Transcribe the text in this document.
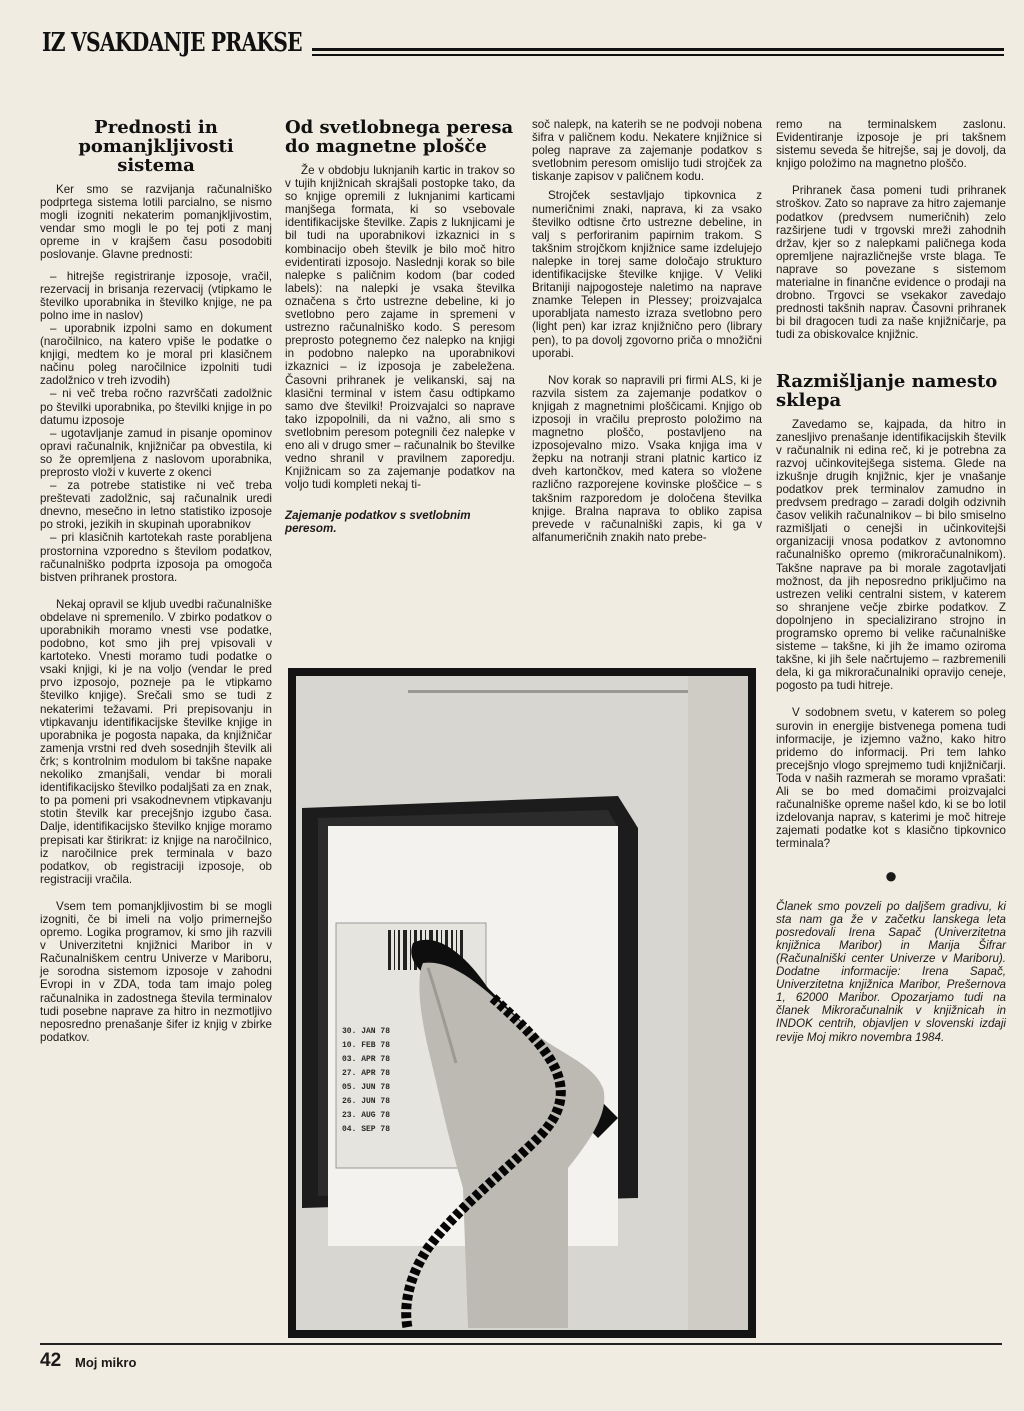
IZ VSAKDANJE PRAKSE
Prednosti in pomanjkljivosti sistema

Ker smo se razvijanja računalniško podprtega sistema lotili parcialno, se nismo mogli izogniti nekaterim pomanjkljivostim, vendar smo mogli le po tej poti z manj opreme in v krajšem času posodobiti poslovanje. Glavne prednosti:

– hitrejše registriranje izposoje, vračil, rezervacij in brisanja rezervacij (vtipkamo le številko uporabnika in številko knjige, ne pa polno ime in naslov)

– uporabnik izpolni samo en dokument (naročilnico, na katero vpiše le podatke o knjigi, medtem ko je moral pri klasičnem načinu poleg naročilnice izpolniti tudi zadolžnico v treh izvodih)

– ni več treba ročno razvrščati zadolžnic po številki uporabnika, po številki knjige in po datumu izposoje

– ugotavljanje zamud in pisanje opominov opravi računalnik, knjižničar pa obvestila, ki so že opremljena z naslovom uporabnika, preprosto vloži v kuverte z okenci

– za potrebe statistike ni več treba preštevati zadolžnic, saj računalnik uredi dnevno, mesečno in letno statistiko izposoje po stroki, jezikih in skupinah uporabnikov

– pri klasičnih kartotekah raste porabljena prostornina vzporedno s številom podatkov, računalniško podprta izposoja pa omogoča bistven prihranek prostora.

Nekaj opravil se kljub uvedbi računalniške obdelave ni spremenilo. V zbirko podatkov o uporabnikih moramo vnesti vse podatke, podobno, kot smo jih prej vpisovali v kartoteko. Vnesti moramo tudi podatke o vsaki knjigi, ki je na voljo (vendar le pred prvo izposojo, pozneje pa le vtipkamo številko knjige). Srečali smo se tudi z nekaterimi težavami. Pri prepisovanju in vtipkavanju identifikacijske številke knjige in uporabnika je pogosta napaka, da knjižničar zamenja vrstni red dveh sosednjih številk ali črk; s kontrolnim modulom bi takšne napake nekoliko zmanjšali, vendar bi morali identifikacijsko številko podaljšati za en znak, to pa pomeni pri vsakodnevnem vtipkavanju stotin številk kar precejšnjo izgubo časa. Dalje, identifikacijsko številko knjige moramo prepisati kar štirikrat: iz knjige na naročilnico, iz naročilnice prek terminala v bazo podatkov, ob registraciji izposoje, ob registraciji vračila.

Vsem tem pomanjkljivostim bi se mogli izogniti, če bi imeli na voljo primernejšo opremo. Logika programov, ki smo jih razvili v Univerzitetni knjižnici Maribor in v Računalniškem centru Univerze v Mariboru, je sorodna sistemom izposoje v zahodni Evropi in v ZDA, toda tam imajo poleg računalnika in zadostnega števila terminalov tudi posebne naprave za hitro in nezmotljivo neposredno prenašanje šifer iz knjig v zbirke podatkov.

Od svetlobnega peresa do magnetne plošče

Že v obdobju luknjanih kartic in trakov so v tujih knjižnicah skrajšali postopke tako, da so knjige opremili z luknjanimi karticami manjšega formata, ki so vsebovale identifikacijske številke. Zapis z luknjicami je bil tudi na uporabnikovi izkaznici in s kombinacijo obeh številk je bilo moč hitro evidentirati izposojo. Naslednji korak so bile nalepke s paličnim kodom (bar coded labels): na nalepki je vsaka številka označena s črto ustrezne debeline, ki jo svetlobno pero zajame in spremeni v ustrezno računalniško kodo. S peresom preprosto potegnemo čez nalepko na knjigi in podobno nalepko na uporabnikovi izkaznici – iz izposoja je zabeležena. Časovni prihranek je velikanski, saj na klasični terminal v istem času odtipkamo samo dve številki! Proizvajalci so naprave tako izpopolnili, da ni važno, ali smo s svetlobnim peresom potegnili čez nalepke v eno ali v drugo smer – računalnik bo številke vedno shranil v pravilnem zaporedju. Knjižnicam so za zajemanje podatkov na voljo tudi kompleti nekaj ti-

Zajemanje podatkov s svetlobnim peresom.

soč nalepk, na katerih se ne podvoji nobena šifra v paličnem kodu. Nekatere knjižnice si poleg naprave za zajemanje podatkov s svetlobnim peresom omislijo tudi strojček za tiskanje zapisov v paličnem kodu.

Strojček sestavljajo tipkovnica z numeričnimi znaki, naprava, ki za vsako številko odtisne črto ustrezne debeline, in valj s perforiranim papirnim trakom. S takšnim strojčkom knjižnice same izdelujejo nalepke in torej same določajo strukturo identifikacijske številke knjige. V Veliki Britaniji najpogosteje naletimo na naprave znamke Telepen in Plessey; proizvajalca uporabljata namesto izraza svetlobno pero (light pen) kar izraz knjižnično pero (library pen), to pa dovolj zgovorno priča o množični uporabi.

Nov korak so napravili pri firmi ALS, ki je razvila sistem za zajemanje podatkov o knjigah z magnetnimi ploščicami. Knjigo ob izposoji in vračilu preprosto položimo na magnetno ploščo, postavljeno na izposojevalno mizo. Vsaka knjiga ima v žepku na notranji strani platnic kartico iz dveh kartončkov, med katera so vložene različno razporejene kovinske ploščice – s takšnim razporedom je določena številka knjige. Bralna naprava to obliko zapisa prevede v računalniški zapis, ki ga v alfanumeričnih znakih nato prebe-

remo na terminalskem zaslonu. Evidentiranje izposoje je pri takšnem sistemu seveda še hitrejše, saj je dovolj, da knjigo položimo na magnetno ploščo.

Prihranek časa pomeni tudi prihranek stroškov. Zato so naprave za hitro zajemanje podatkov (predvsem numeričnih) zelo razširjene tudi v trgovski mreži zahodnih držav, kjer so z nalepkami paličnega koda opremljene najrazličnejše vrste blaga. Te naprave so povezane s sistemom materialne in finančne evidence o prodaji na drobno. Trgovci se vsekakor zavedajo prednosti takšnih naprav. Časovni prihranek bi bil dragocen tudi za naše knjižničarje, pa tudi za obiskovalce knjižnic.

Razmišljanje namesto sklepa

Zavedamo se, kajpada, da hitro in zanesljivo prenašanje identifikacijskih številk v računalnik ni edina reč, ki je potrebna za razvoj učinkovitejšega sistema. Glede na izkušnje drugih knjižnic, kjer je vnašanje podatkov prek terminalov zamudno in predvsem predrago – zaradi dolgih odzivnih časov velikih računalnikov – bi bilo smiselno razmišljati o cenejši in učinkovitejši organizaciji vnosa podatkov z avtonomno računalniško opremo (mikroračunalnikom). Takšne naprave pa bi morale zagotavljati možnost, da jih neposredno priključimo na ustrezen veliki centralni sistem, v katerem so shranjene večje zbirke podatkov. Z dopolnjeno in specializirano strojno in programsko opremo bi velike računalniške sisteme – takšne, ki jih že imamo oziroma takšne, ki jih šele načrtujemo – razbremenili dela, ki ga mikroračunalniki opravijo ceneje, pogosto pa tudi hitreje.

V sodobnem svetu, v katerem so poleg surovin in energije bistvenega pomena tudi informacije, je izjemno važno, kako hitro pridemo do informacij. Pri tem lahko precejšnjo vlogo sprejmemo tudi knjižničarji. Toda v naših razmerah se moramo vprašati: Ali se bo med domačimi proizvajalci računalniške opreme našel kdo, ki se bo lotil izdelovanja naprav, s katerimi je moč hitreje zajemati podatke kot s klasično tipkovnico terminala?

●

Članek smo povzeli po daljšem gradivu, ki sta nam ga že v začetku lanskega leta posredovali Irena Sapač (Univerzitetna knjižnica Maribor) in Marija Šifrar (Računalniški center Univerze v Mariboru). Dodatne informacije: Irena Sapač, Univerzitetna knjižnica Maribor, Prešernova 1, 62000 Maribor. Opozarjamo tudi na članek Mikroračunalnik v knjižnicah in INDOK centrih, objavljen v slovenski izdaji revije Moj mikro novembra 1984.

30. JAN 78
10. FEB 78
03. APR 78
27. APR 78
05. JUN 78
26. JUN 78
23. AUG 78
04. SEP 78
42 Moj mikro
